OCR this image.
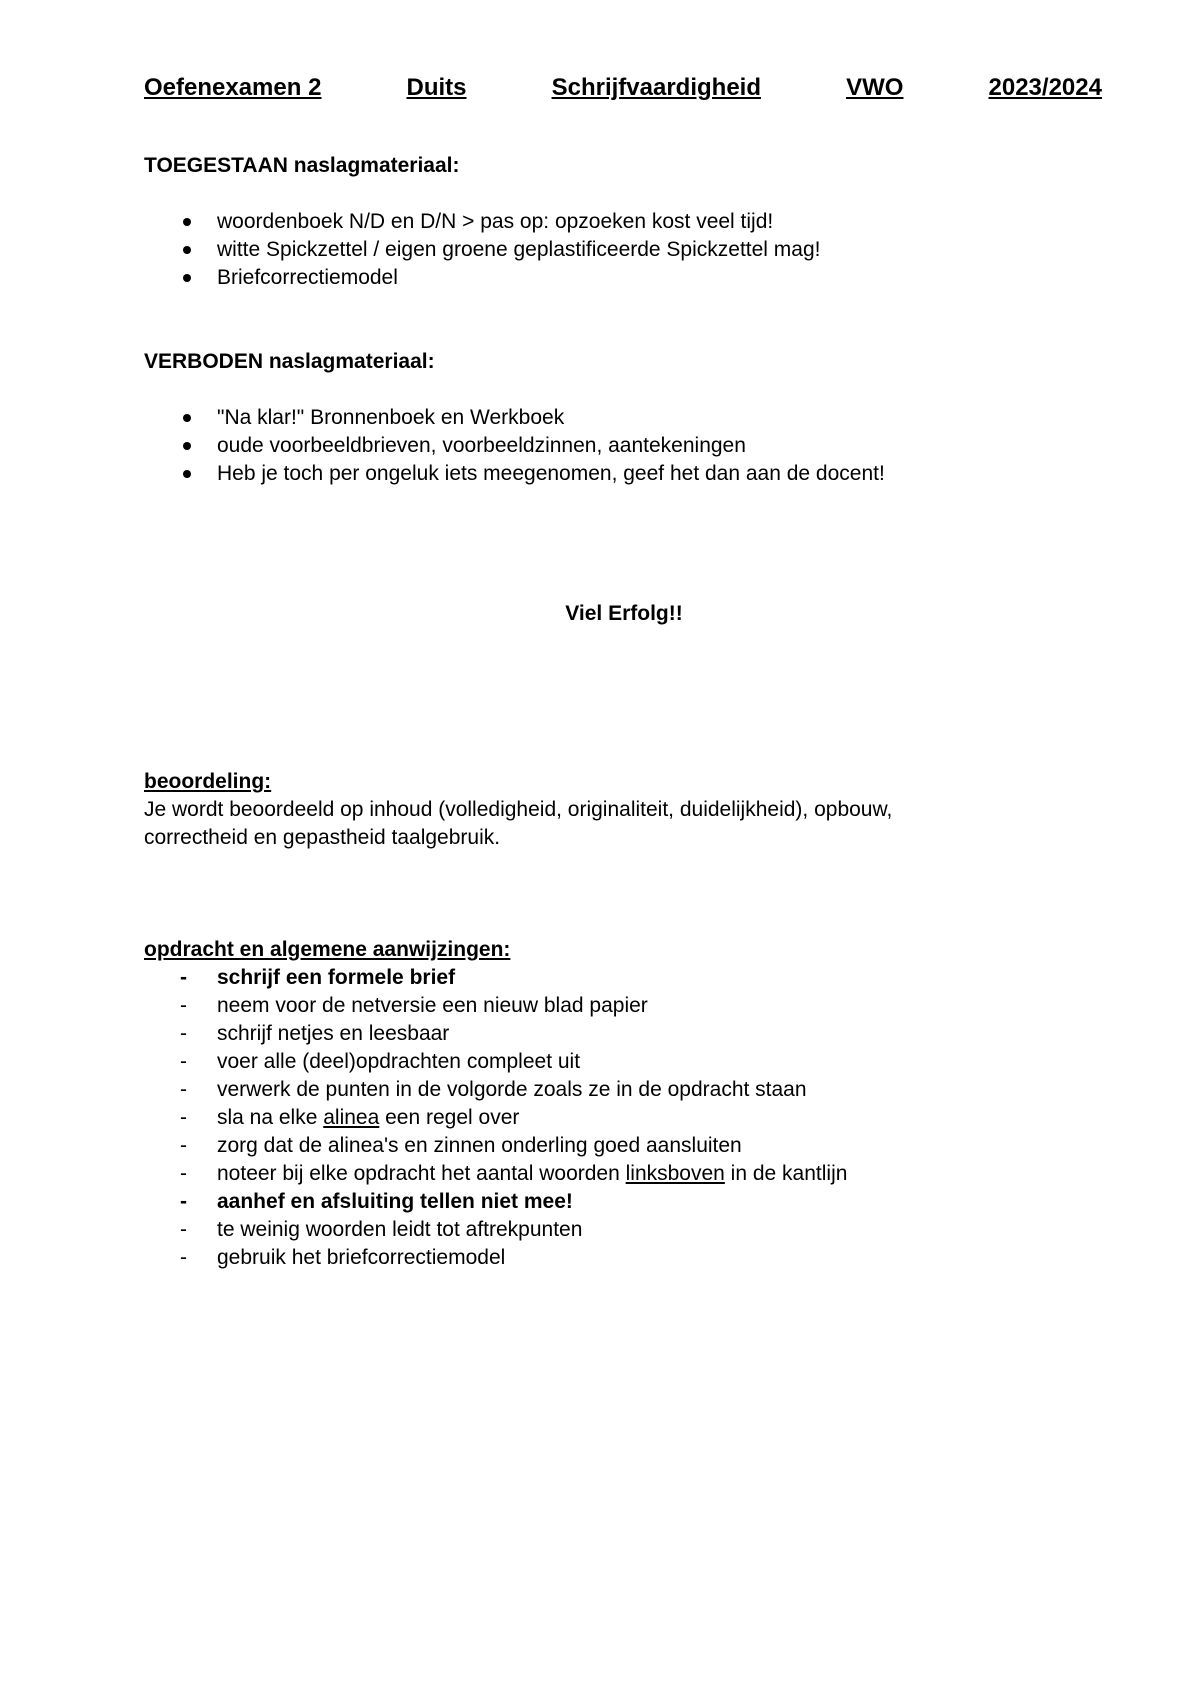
Oefenexamen 2	Duits	Schrijfvaardigheid	VWO	2023/2024

TOEGESTAAN naslagmateriaal:

woordenboek N/D en D/N > pas op: opzoeken kost veel tijd!
witte Spickzettel / eigen groene geplastificeerde Spickzettel mag!
Briefcorrectiemodel

VERBODEN naslagmateriaal:

"Na klar!" Bronnenboek en Werkboek
oude voorbeeldbrieven, voorbeeldzinnen, aantekeningen
Heb je toch per ongeluk iets meegenomen, geef het dan aan de docent!

Viel Erfolg!!

beoordeling:

Je wordt beoordeeld op inhoud (volledigheid, originaliteit, duidelijkheid), opbouw,

correctheid en gepastheid taalgebruik.

opdracht en algemene aanwijzingen:

- schrijf een formele brief
- neem voor de netversie een nieuw blad papier
- schrijf netjes en leesbaar
- voer alle (deel)opdrachten compleet uit
- verwerk de punten in de volgorde zoals ze in de opdracht staan
- sla na elke alinea een regel over
- zorg dat de alinea's en zinnen onderling goed aansluiten
- noteer bij elke opdracht het aantal woorden linksboven in de kantlijn
- aanhef en afsluiting tellen niet mee!
- te weinig woorden leidt tot aftrekpunten
- gebruik het briefcorrectiemodel
